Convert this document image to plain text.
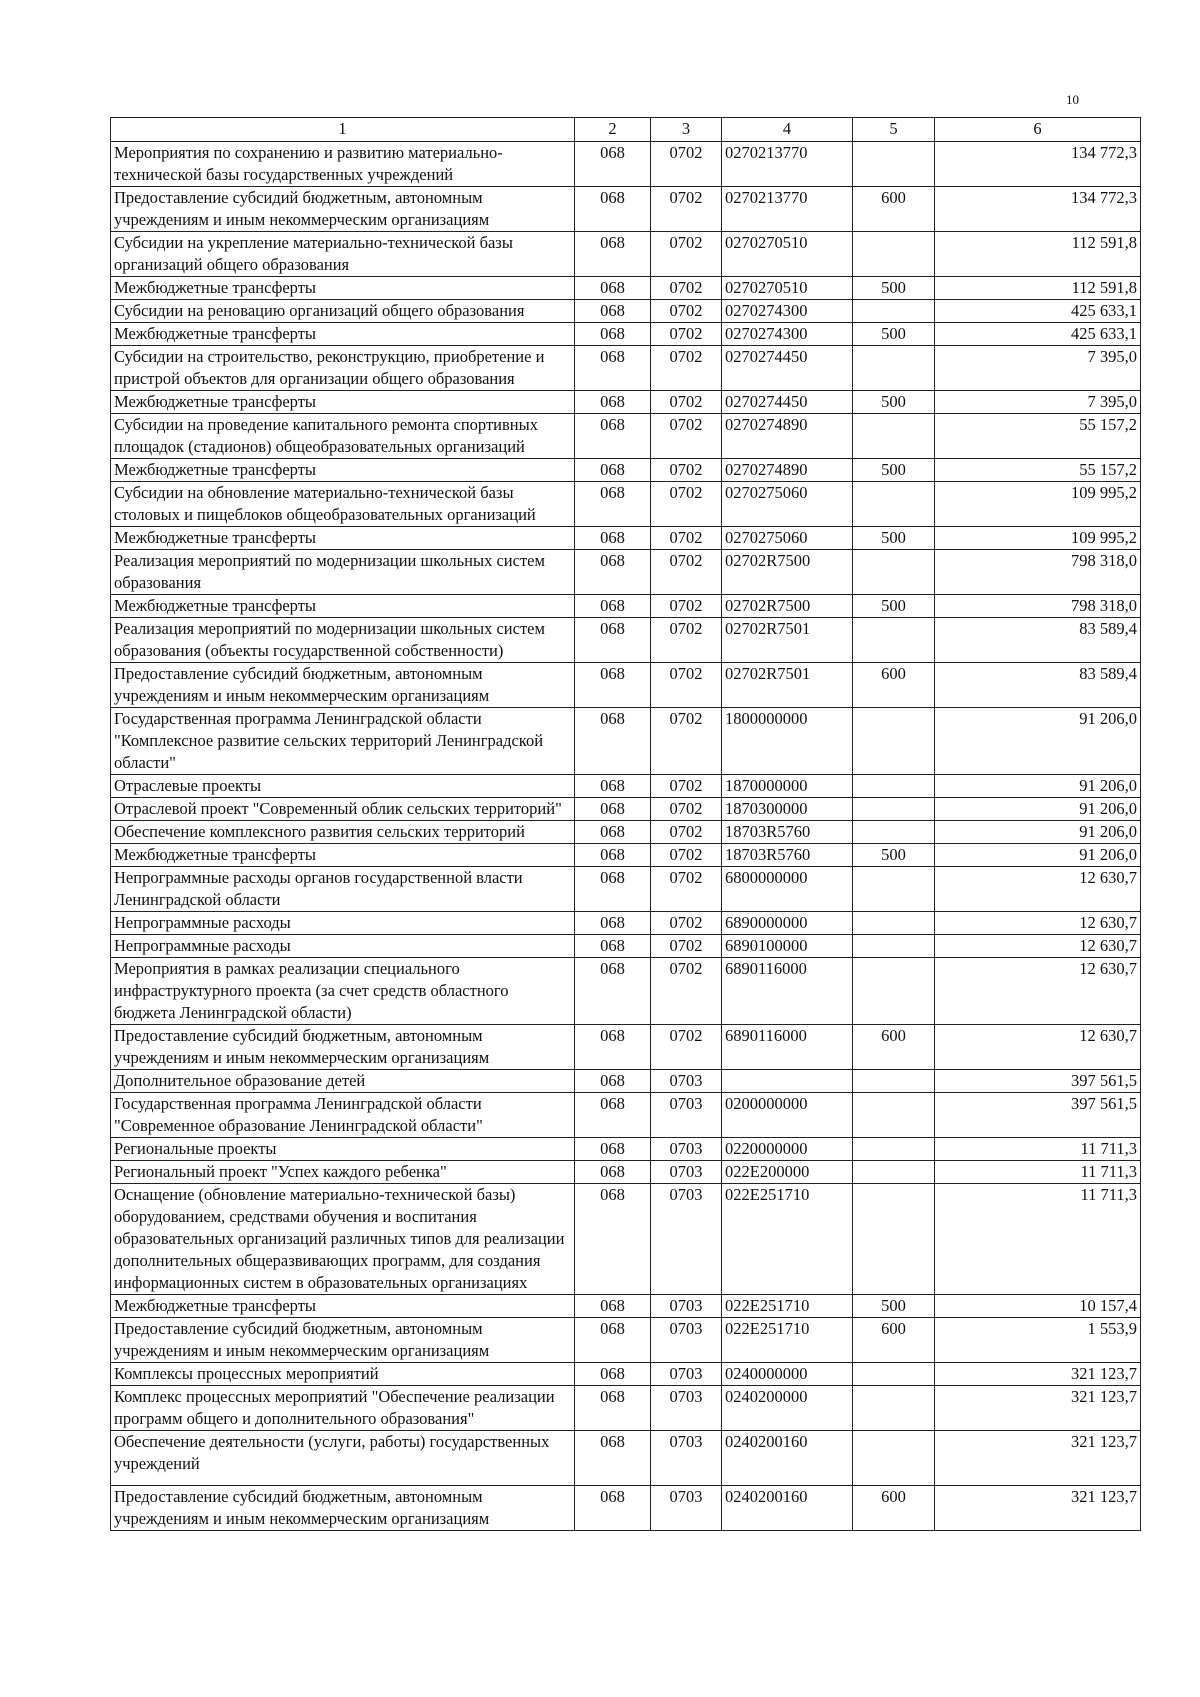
10
1	2	3	4	5	6
Мероприятия по сохранению и развитию материально-технической базы государственных учреждений	068	0702	0270213770		134 772,3
Предоставление субсидий бюджетным, автономным учреждениям и иным некоммерческим организациям	068	0702	0270213770	600	134 772,3
Субсидии на укрепление материально-технической базы организаций общего образования	068	0702	0270270510		112 591,8
Межбюджетные трансферты	068	0702	0270270510	500	112 591,8
Субсидии на реновацию организаций общего образования	068	0702	0270274300		425 633,1
Межбюджетные трансферты	068	0702	0270274300	500	425 633,1
Субсидии на строительство, реконструкцию, приобретение и пристрой объектов для организации общего образования	068	0702	0270274450		7 395,0
Межбюджетные трансферты	068	0702	0270274450	500	7 395,0
Субсидии на проведение капитального ремонта спортивных площадок (стадионов) общеобразовательных организаций	068	0702	0270274890		55 157,2
Межбюджетные трансферты	068	0702	0270274890	500	55 157,2
Субсидии на обновление материально-технической базы столовых и пищеблоков общеобразовательных организаций	068	0702	0270275060		109 995,2
Межбюджетные трансферты	068	0702	0270275060	500	109 995,2
Реализация мероприятий по модернизации школьных систем образования	068	0702	02702R7500		798 318,0
Межбюджетные трансферты	068	0702	02702R7500	500	798 318,0
Реализация мероприятий по модернизации школьных систем образования (объекты государственной собственности)	068	0702	02702R7501		83 589,4
Предоставление субсидий бюджетным, автономным учреждениям и иным некоммерческим организациям	068	0702	02702R7501	600	83 589,4
Государственная программа Ленинградской области "Комплексное развитие сельских территорий Ленинградской области"	068	0702	1800000000		91 206,0
Отраслевые проекты	068	0702	1870000000		91 206,0
Отраслевой проект "Современный облик сельских территорий"	068	0702	1870300000		91 206,0
Обеспечение комплексного развития сельских территорий	068	0702	18703R5760		91 206,0
Межбюджетные трансферты	068	0702	18703R5760	500	91 206,0
Непрограммные расходы органов государственной власти Ленинградской области	068	0702	6800000000		12 630,7
Непрограммные расходы	068	0702	6890000000		12 630,7
Непрограммные расходы	068	0702	6890100000		12 630,7
Мероприятия в рамках реализации специального инфраструктурного проекта (за счет средств областного бюджета Ленинградской области)	068	0702	6890116000		12 630,7
Предоставление субсидий бюджетным, автономным учреждениям и иным некоммерческим организациям	068	0702	6890116000	600	12 630,7
Дополнительное образование детей	068	0703			397 561,5
Государственная программа Ленинградской области "Современное образование Ленинградской области"	068	0703	0200000000		397 561,5
Региональные проекты	068	0703	0220000000		11 711,3
Региональный проект "Успех каждого ребенка"	068	0703	022E200000		11 711,3
Оснащение (обновление материально-технической базы) оборудованием, средствами обучения и воспитания образовательных организаций различных типов для реализации дополнительных общеразвивающих программ, для создания информационных систем в образовательных организациях	068	0703	022E251710		11 711,3
Межбюджетные трансферты	068	0703	022E251710	500	10 157,4
Предоставление субсидий бюджетным, автономным учреждениям и иным некоммерческим организациям	068	0703	022E251710	600	1 553,9
Комплексы процессных мероприятий	068	0703	0240000000		321 123,7
Комплекс процессных мероприятий "Обеспечение реализации программ общего и дополнительного образования"	068	0703	0240200000		321 123,7
Обеспечение деятельности (услуги, работы) государственных учреждений	068	0703	0240200160		321 123,7
Предоставление субсидий бюджетным, автономным учреждениям и иным некоммерческим организациям	068	0703	0240200160	600	321 123,7
